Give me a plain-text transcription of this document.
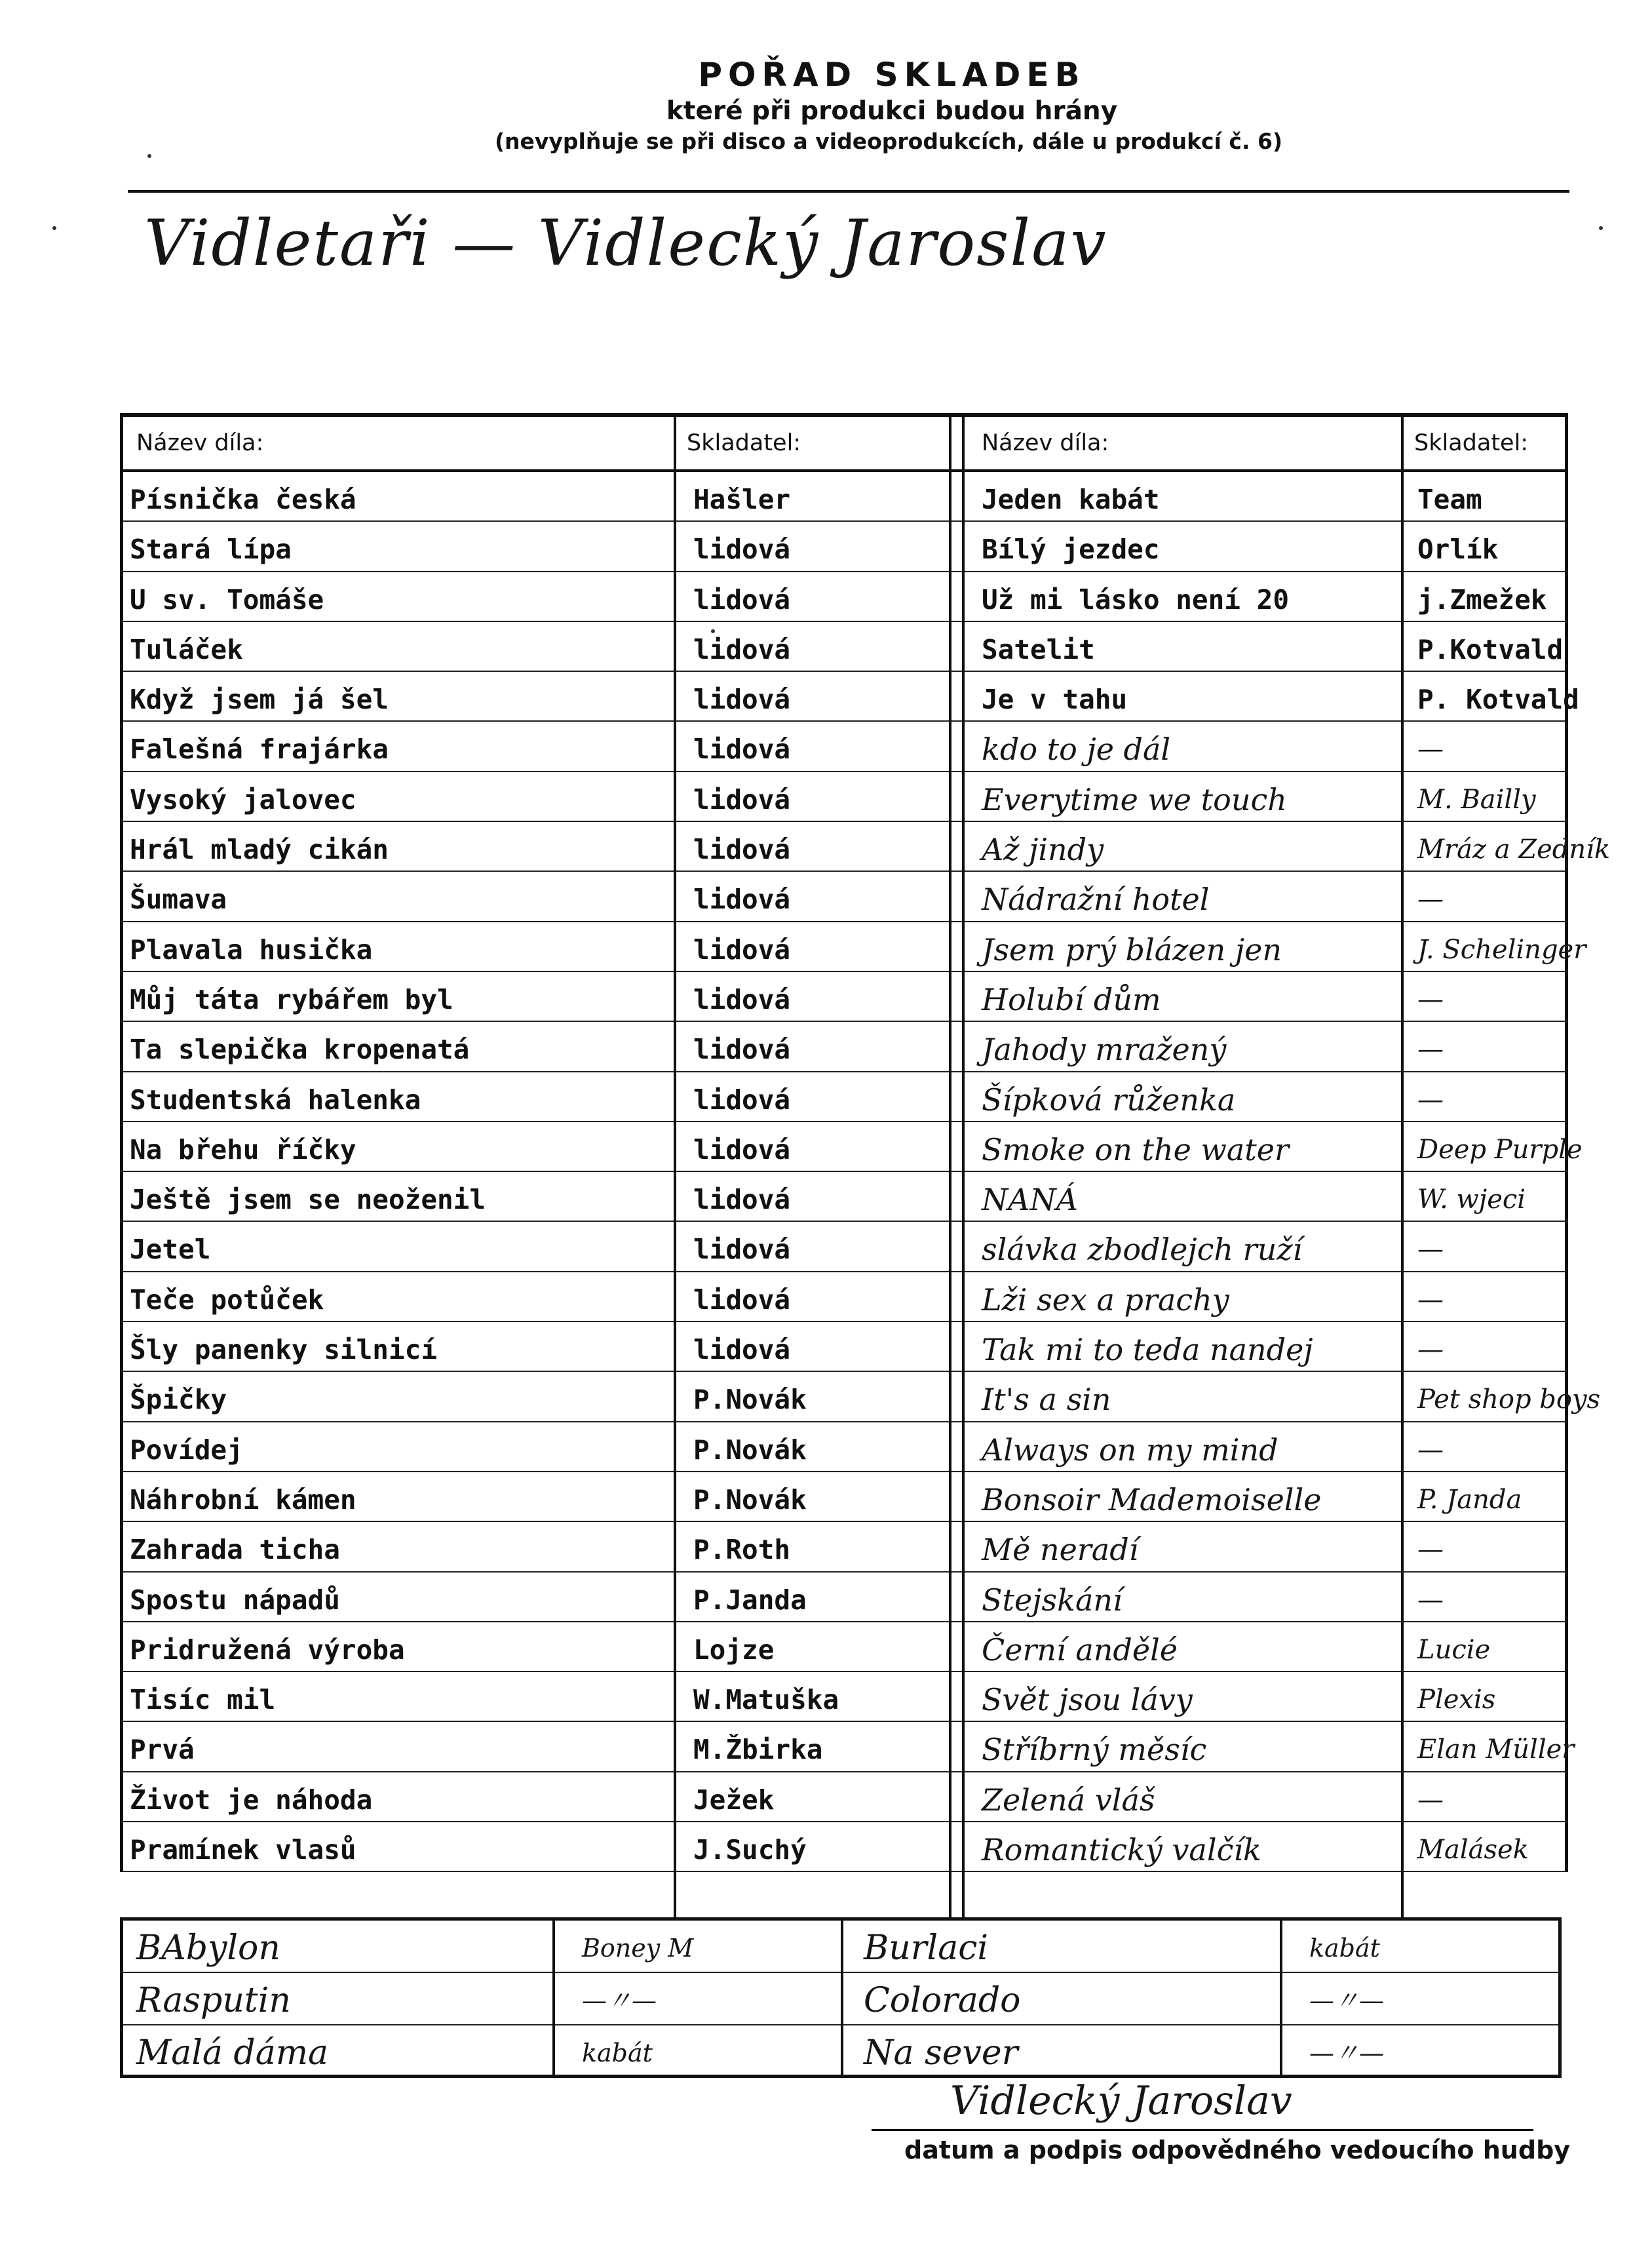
POŘAD SKLADEB
které při produkci budou hrány
(nevyplňuje se při disco a videoprodukcích, dále u produkcí č. 6)
Vidletaři — Vidlecký Jaroslav
Název díla:	Skladatel:	Název díla:	Skladatel:
Písnička česká	Hašler	Jeden kabát	Team
Stará lípa	lidová	Bílý jezdec	Orlík
U sv. Tomáše	lidová	Už mi lásko není 20	j.Zmežek
Tuláček	lidová	Satelit	P.Kotvald
Když jsem já šel	lidová	Je v tahu	P. Kotvald
Falešná frajárka	lidová	kdo to je dál	—
Vysoký jalovec	lidová	Everytime we touch	M. Bailly
Hrál mladý cikán	lidová	Až jindy	Mráz a Zedník
Šumava	lidová	Nádražní hotel	—
Plavala husička	lidová	Jsem prý blázen jen	J. Schelinger
Můj táta rybářem byl	lidová	Holubí dům	—
Ta slepička kropenatá	lidová	Jahody mražený	—
Studentská halenka	lidová	Šípková růženka	—
Na břehu říčky	lidová	Smoke on the water	Deep Purple
Ještě jsem se neoženil	lidová	NANÁ	W. wjeci
Jetel	lidová	slávka zbodlejch ruží	—
Teče potůček	lidová	Lži sex a prachy	—
Šly panenky silnicí	lidová	Tak mi to teda nandej	—
Špičky	P.Novák	It's a sin	Pet shop boys
Povídej	P.Novák	Always on my mind	—
Náhrobní kámen	P.Novák	Bonsoir Mademoiselle	P. Janda
Zahrada ticha	P.Roth	Mě neradí	—
Spostu nápadů	P.Janda	Stejskání	—
Pridružená výroba	Lojze	Černí andělé	Lucie
Tisíc mil	W.Matuška	Svět jsou lávy	Plexis
Prvá	M.Žbirka	Stříbrný měsíc	Elan Müller
Život je náhoda	Ježek	Zelená vláš	—
Pramínek vlasů	J.Suchý	Romantický valčík	Malásek
BAbylon	Boney M	Burlaci	kabát
Rasputin	—〃—	Colorado	—〃—
Malá dáma	kabát	Na sever	—〃—
Vidlecký Jaroslav
datum a podpis odpovědného vedoucího hudby
